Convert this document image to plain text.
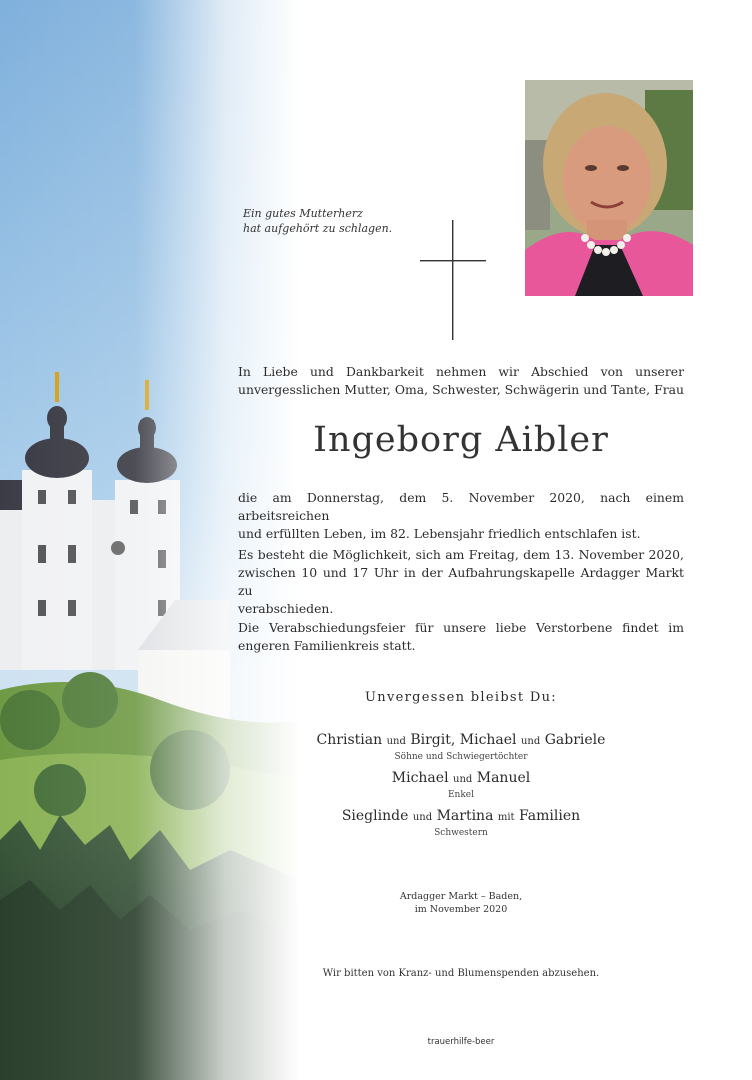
Ein gutes Mutterherz
hat aufgehört zu schlagen.
In Liebe und Dankbarkeit nehmen wir Abschied von unserer
unvergesslichen Mutter, Oma, Schwester, Schwägerin und Tante, Frau
Ingeborg Aibler
die am Donnerstag, dem 5. November 2020, nach einem arbeitsreichen
und erfüllten Leben, im 82. Lebensjahr friedlich entschlafen ist.
Es besteht die Möglichkeit, sich am Freitag, dem 13. November 2020,
zwischen 10 und 17 Uhr in der Aufbahrungskapelle Ardagger Markt zu
verabschieden.
Die Verabschiedungsfeier für unsere liebe Verstorbene findet im
engeren Familienkreis statt.
Unvergessen bleibst Du:
Christian und Birgit, Michael und Gabriele
Söhne und Schwiegertöchter
Michael und Manuel
Enkel
Sieglinde und Martina mit Familien
Schwestern
Ardagger Markt – Baden,
im November 2020
Wir bitten von Kranz- und Blumenspenden abzusehen.
trauerhilfe-beer
